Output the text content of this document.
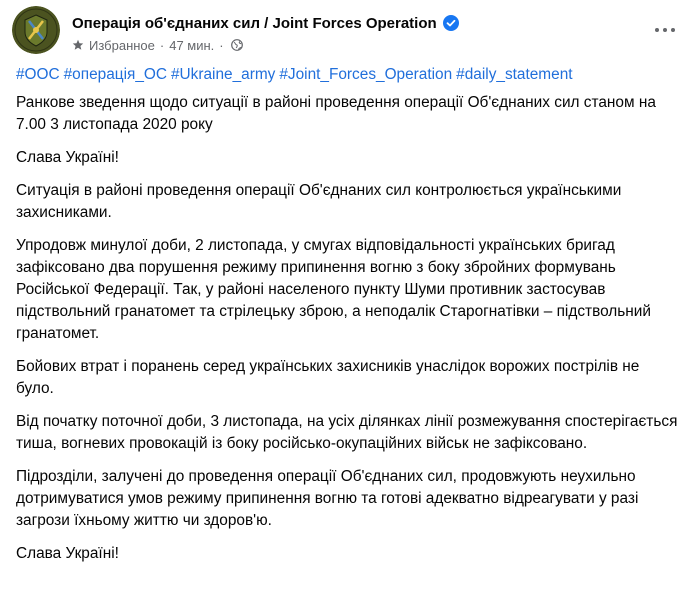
Операція об'єднаних сил / Joint Forces Operation
Избранное · 47 мин. ·
#ООС #операція_ОС #Ukraine_army #Joint_Forces_Operation #daily_statement

Ранкове зведення щодо ситуації в районі проведення операції Об'єднаних сил станом на 7.00 3 листопада 2020 року

Слава Україні!

Ситуація в районі проведення операції Об'єднаних сил контролюється українськими захисниками.

Упродовж минулої доби, 2 листопада, у смугах відповідальності українських бригад зафіксовано два порушення режиму припинення вогню з боку збройних формувань Російської Федерації. Так, у районі населеного пункту Шуми противник застосував підствольний гранатомет та стрілецьку зброю, а неподалік Старогнатівки – підствольний гранатомет.

Бойових втрат і поранень серед українських захисників унаслідок ворожих пострілів не було.

Від початку поточної доби, 3 листопада, на усіх ділянках лінії розмежування спостерігається тиша, вогневих провокацій із боку російсько-окупаційних військ не зафіксовано.

Підрозділи, залучені до проведення операції Об'єднаних сил, продовжують неухильно дотримуватися умов режиму припинення вогню та готові адекватно відреагувати у разі загрози їхньому життю чи здоров'ю.

Слава Україні!
